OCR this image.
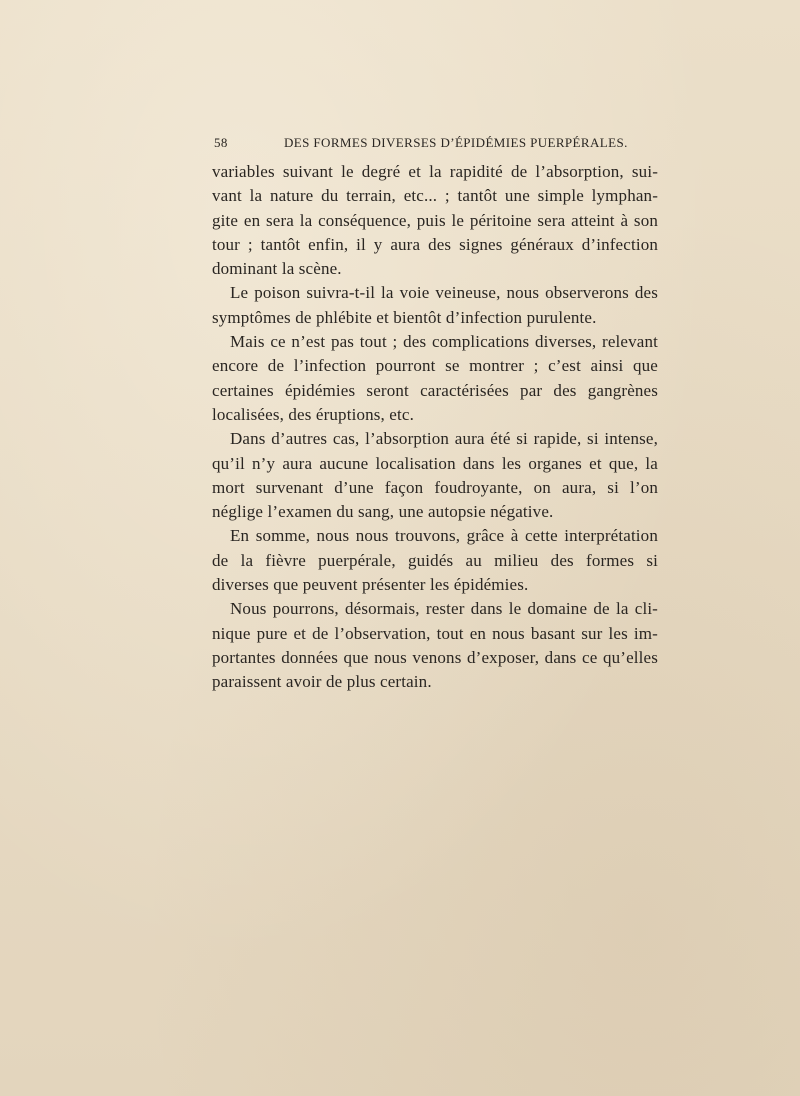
58	DES FORMES DIVERSES D’ÉPIDÉMIES PUERPÉRALES.
variables suivant le degré et la rapidité de l’absorption, sui-
vant la nature du terrain, etc... ; tantôt une simple lymphan-
gite en sera la conséquence, puis le péritoine sera atteint à son
tour ; tantôt enfin, il y aura des signes généraux d’infection
dominant la scène.
Le poison suivra-t-il la voie veineuse, nous observerons des
symptômes de phlébite et bientôt d’infection purulente.
Mais ce n’est pas tout ; des complications diverses, relevant
encore de l’infection pourront se montrer ; c’est ainsi que
certaines épidémies seront caractérisées par des gangrènes
localisées, des éruptions, etc.
Dans d’autres cas, l’absorption aura été si rapide, si intense,
qu’il n’y aura aucune localisation dans les organes et que, la
mort survenant d’une façon foudroyante, on aura, si l’on
néglige l’examen du sang, une autopsie négative.
En somme, nous nous trouvons, grâce à cette interprétation
de la fièvre puerpérale, guidés au milieu des formes si
diverses que peuvent présenter les épidémies.
Nous pourrons, désormais, rester dans le domaine de la cli-
nique pure et de l’observation, tout en nous basant sur les im-
portantes données que nous venons d’exposer, dans ce qu’elles
paraissent avoir de plus certain.
